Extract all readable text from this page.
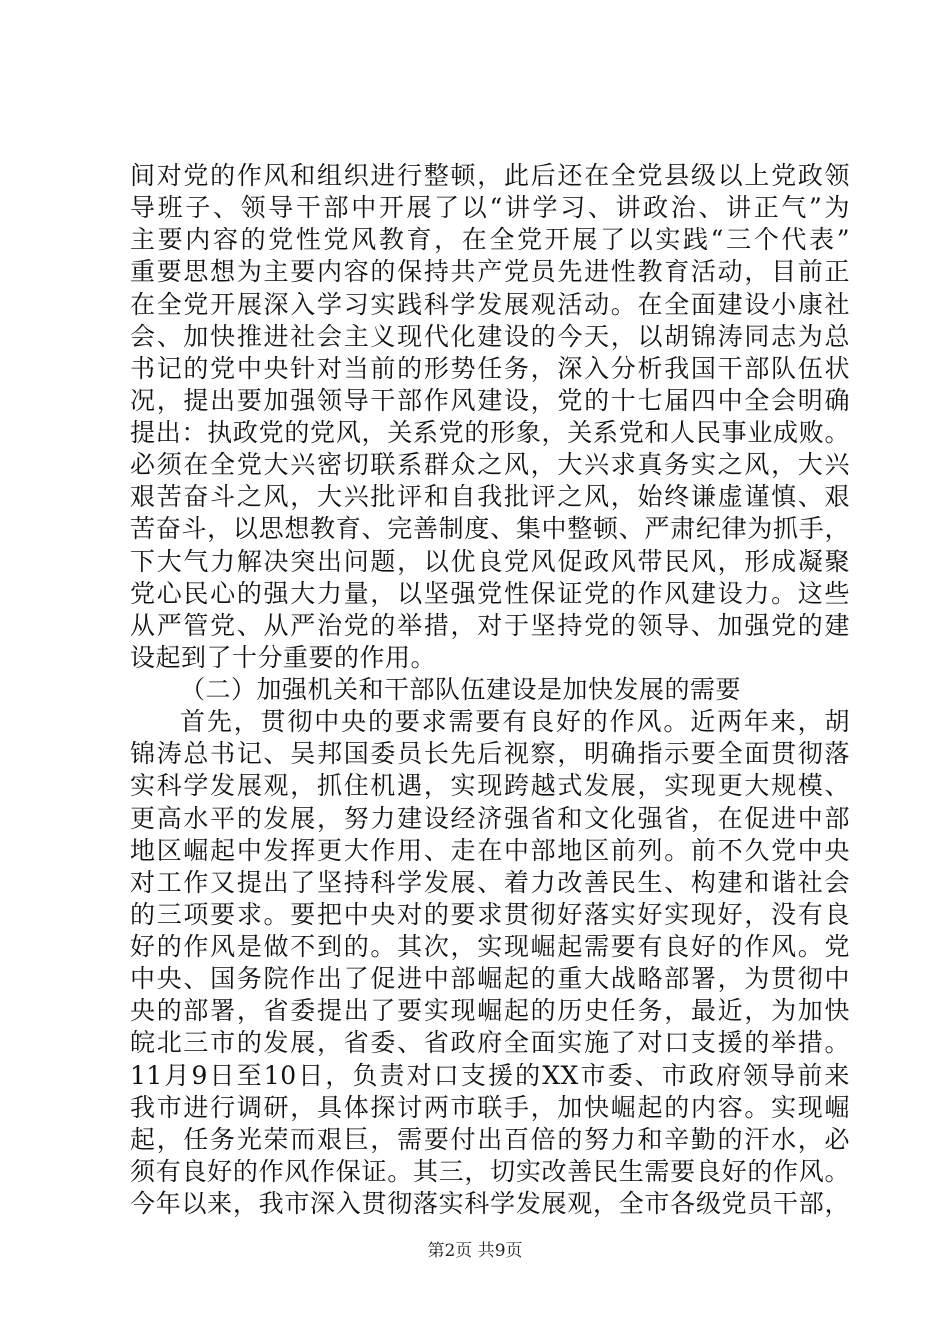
间对党的作风和组织进行整顿，此后还在全党县级以上党政领
导班子、领导干部中开展了以“讲学习、讲政治、讲正气”为
主要内容的党性党风教育，在全党开展了以实践“三个代表”
重要思想为主要内容的保持共产党员先进性教育活动，目前正
在全党开展深入学习实践科学发展观活动。在全面建设小康社
会、加快推进社会主义现代化建设的今天，以胡锦涛同志为总
书记的党中央针对当前的形势任务，深入分析我国干部队伍状
况，提出要加强领导干部作风建设，党的十七届四中全会明确
提出：执政党的党风，关系党的形象，关系党和人民事业成败。
必须在全党大兴密切联系群众之风，大兴求真务实之风，大兴
艰苦奋斗之风，大兴批评和自我批评之风，始终谦虚谨慎、艰
苦奋斗，以思想教育、完善制度、集中整顿、严肃纪律为抓手，
下大气力解决突出问题，以优良党风促政风带民风，形成凝聚
党心民心的强大力量，以坚强党性保证党的作风建设力。这些
从严管党、从严治党的举措，对于坚持党的领导、加强党的建
设起到了十分重要的作用。
（二）加强机关和干部队伍建设是加快发展的需要
首先，贯彻中央的要求需要有良好的作风。近两年来，胡
锦涛总书记、吴邦国委员长先后视察，明确指示要全面贯彻落
实科学发展观，抓住机遇，实现跨越式发展，实现更大规模、
更高水平的发展，努力建设经济强省和文化强省，在促进中部
地区崛起中发挥更大作用、走在中部地区前列。前不久党中央
对工作又提出了坚持科学发展、着力改善民生、构建和谐社会
的三项要求。要把中央对的要求贯彻好落实好实现好，没有良
好的作风是做不到的。其次，实现崛起需要有良好的作风。党
中央、国务院作出了促进中部崛起的重大战略部署，为贯彻中
央的部署，省委提出了要实现崛起的历史任务，最近，为加快
皖北三市的发展，省委、省政府全面实施了对口支援的举措。
11月9日至10日，负责对口支援的XX市委、市政府领导前来
我市进行调研，具体探讨两市联手，加快崛起的内容。实现崛
起，任务光荣而艰巨，需要付出百倍的努力和辛勤的汗水，必
须有良好的作风作保证。其三，切实改善民生需要良好的作风。
今年以来，我市深入贯彻落实科学发展观，全市各级党员干部，
第2页 共9页
